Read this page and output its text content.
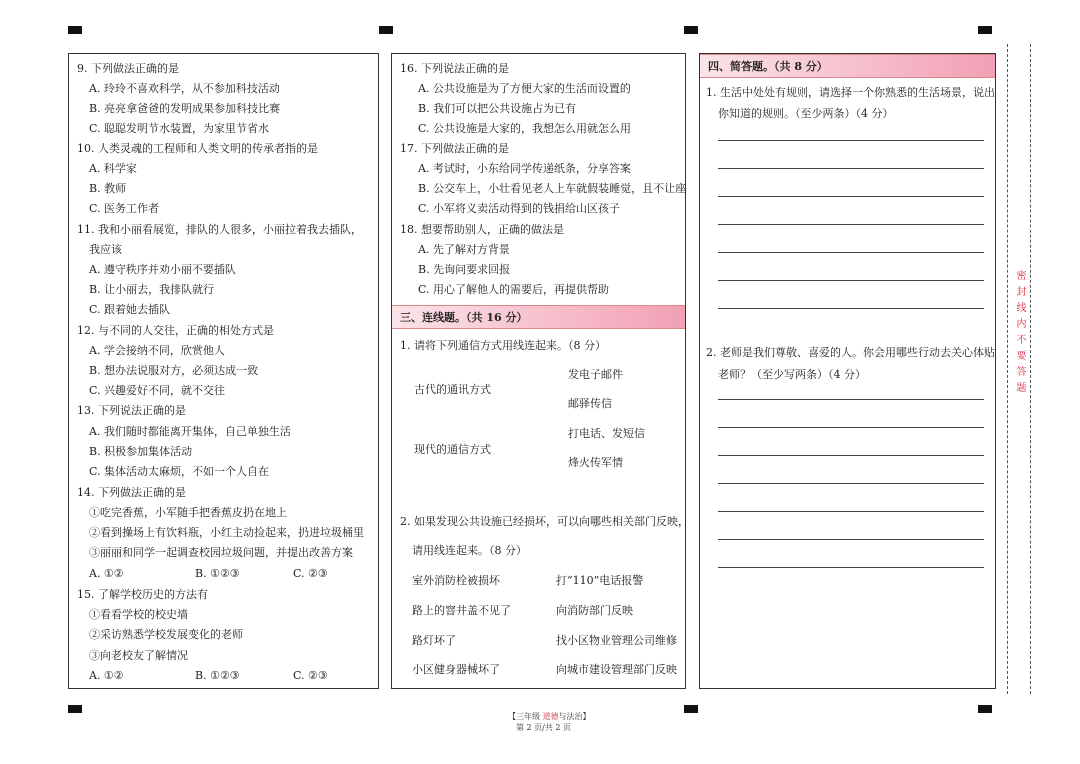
9. 下列做法正确的是
A. 玲玲不喜欢科学，从不参加科技活动
B. 亮亮拿爸爸的发明成果参加科技比赛
C. 聪聪发明节水装置，为家里节省水
10. 人类灵魂的工程师和人类文明的传承者指的是
A. 科学家
B. 教师
C. 医务工作者
11. 我和小丽看展览，排队的人很多，小丽拉着我去插队，
我应该
A. 遵守秩序并劝小丽不要插队
B. 让小丽去，我排队就行
C. 跟着她去插队
12. 与不同的人交往，正确的相处方式是
A. 学会接纳不同，欣赏他人
B. 想办法说服对方，必须达成一致
C. 兴趣爱好不同，就不交往
13. 下列说法正确的是
A. 我们随时都能离开集体，自己单独生活
B. 积极参加集体活动
C. 集体活动太麻烦，不如一个人自在
14. 下列做法正确的是
①吃完香蕉，小军随手把香蕉皮扔在地上
②看到操场上有饮料瓶，小红主动捡起来，扔进垃圾桶里
③丽丽和同学一起调查校园垃圾问题，并提出改善方案
A. ①②	B. ①②③	C. ②③
15. 了解学校历史的方法有
①看看学校的校史墙
②采访熟悉学校发展变化的老师
③向老校友了解情况
A. ①②	B. ①②③	C. ②③
16. 下列说法正确的是
A. 公共设施是为了方便大家的生活而设置的
B. 我们可以把公共设施占为已有
C. 公共设施是大家的，我想怎么用就怎么用
17. 下列做法正确的是
A. 考试时，小东给同学传递纸条，分享答案
B. 公交车上，小壮看见老人上车就假装睡觉，且不让座
C. 小军将义卖活动得到的钱捐给山区孩子
18. 想要帮助别人，正确的做法是
A. 先了解对方背景
B. 先询问要求回报
C. 用心了解他人的需要后，再提供帮助
三、连线题。（共 16 分）
1. 请将下列通信方式用线连起来。（8 分）
古代的通讯方式
现代的通信方式
发电子邮件
邮驿传信
打电话、发短信
烽火传军情
2. 如果发现公共设施已经损坏，可以向哪些相关部门反映，
请用线连起来。（8 分）
室外消防栓被损坏	打“110”电话报警
路上的窨井盖不见了	向消防部门反映
路灯坏了	找小区物业管理公司维修
小区健身器械坏了	向城市建设管理部门反映
四、简答题。（共 8 分）
1. 生活中处处有规则，请选择一个你熟悉的生活场景，说出
你知道的规则。（至少两条）（4 分）
2. 老师是我们尊敬、喜爱的人。你会用哪些行动去关心体贴
老师？（至少写两条）（4 分）	密封线内不要答题
【三年级 道德与法治】
第 2 页/共 2 页
